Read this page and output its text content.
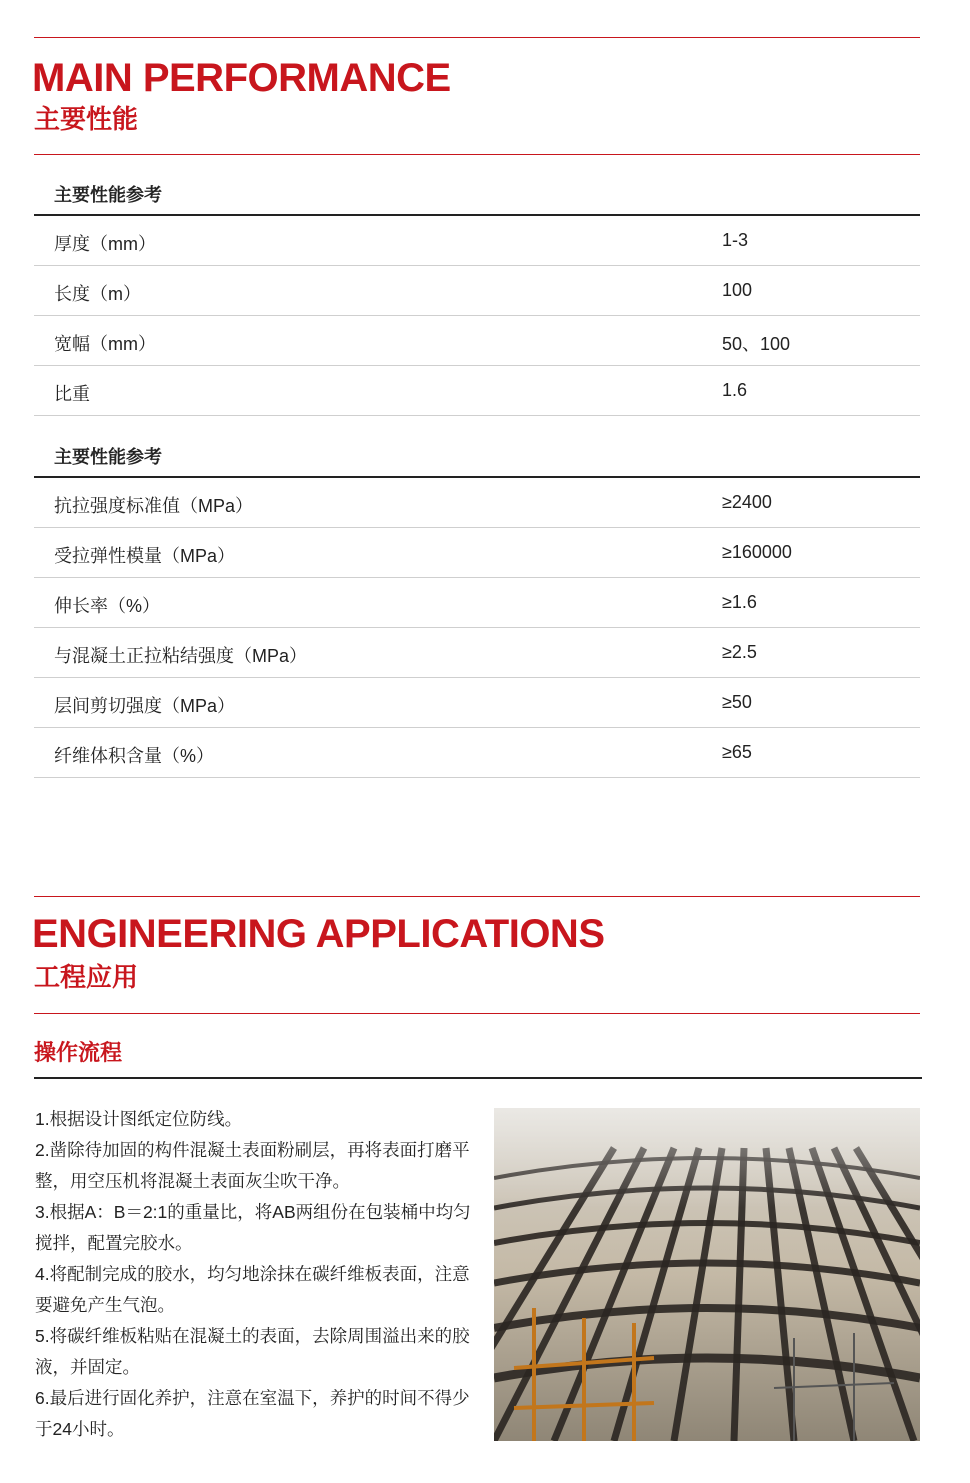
MAIN PERFORMANCE
主要性能
主要性能参考
厚度（mm）	1-3
长度（m）	100
宽幅（mm）	50、100
比重	1.6
主要性能参考
抗拉强度标准值（MPa）	≥2400
受拉弹性模量（MPa）	≥160000
伸长率（%）	≥1.6
与混凝土正拉粘结强度（MPa）	≥2.5
层间剪切强度（MPa）	≥50
纤维体积含量（%）	≥65
ENGINEERING APPLICATIONS
工程应用
操作流程

1.根据设计图纸定位防线。

2.凿除待加固的构件混凝土表面粉刷层，再将表面打磨平整，用空压机将混凝土表面灰尘吹干净。

3.根据A：B＝2:1的重量比，将AB两组份在包装桶中均匀搅拌，配置完胶水。

4.将配制完成的胶水，均匀地涂抹在碳纤维板表面，注意要避免产生气泡。

5.将碳纤维板粘贴在混凝土的表面，去除周围溢出来的胶液，并固定。

6.最后进行固化养护，注意在室温下，养护的时间不得少于24小时。
